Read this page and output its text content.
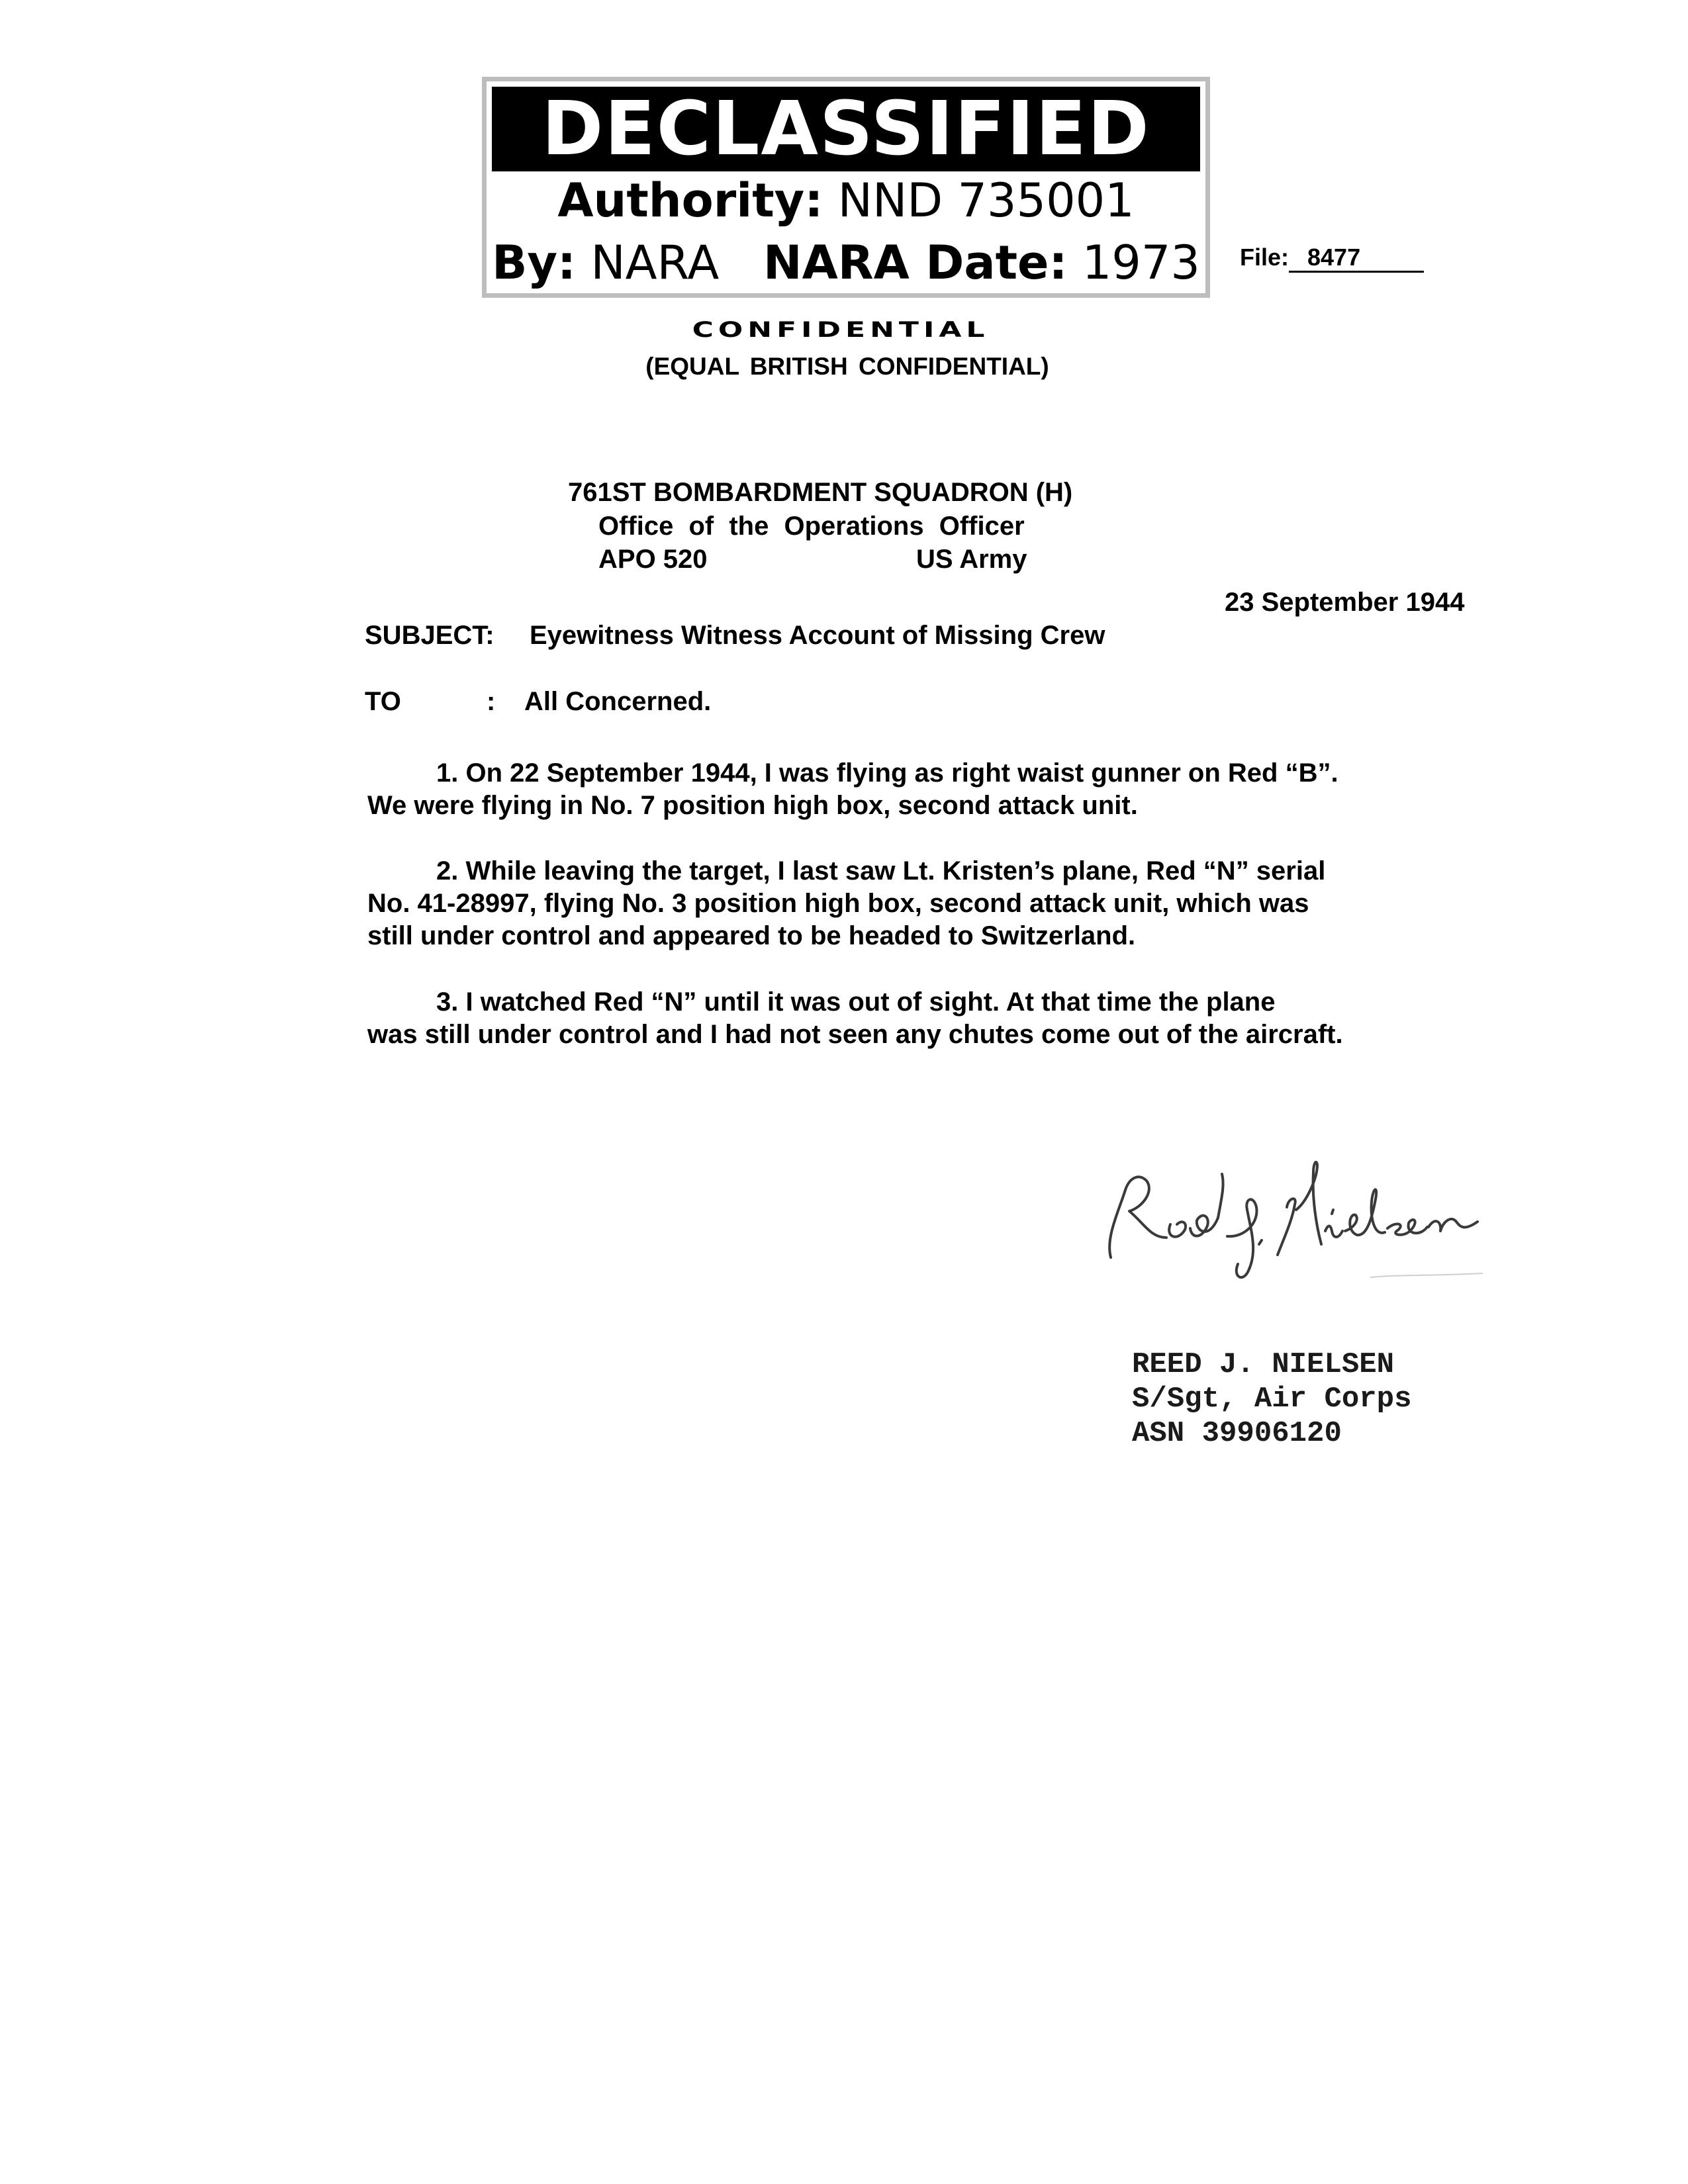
DECLASSIFIED
Authority: NND 735001
By: NARA NARA Date: 1973 File: 8477
CONFIDENTIAL
(EQUAL BRITISH CONFIDENTIAL)
761ST BOMBARDMENT SQUADRON (H)
Office of the Operations Officer
APO 520	US Army
23 September 1944
SUBJECT: Eyewitness Witness Account of Missing Crew
TO	: All Concerned.
1. On 22 September 1944, I was flying as right waist gunner on Red “B”.
We were flying in No. 7 position high box, second attack unit.
2. While leaving the target, I last saw Lt. Kristen’s plane, Red “N” serial
No. 41-28997, flying No. 3 position high box, second attack unit, which was
still under control and appeared to be headed to Switzerland.
3. I watched Red “N” until it was out of sight. At that time the plane
was still under control and I had not seen any chutes come out of the aircraft.
REED J. NIELSEN
S/Sgt, Air Corps
ASN 39906120
